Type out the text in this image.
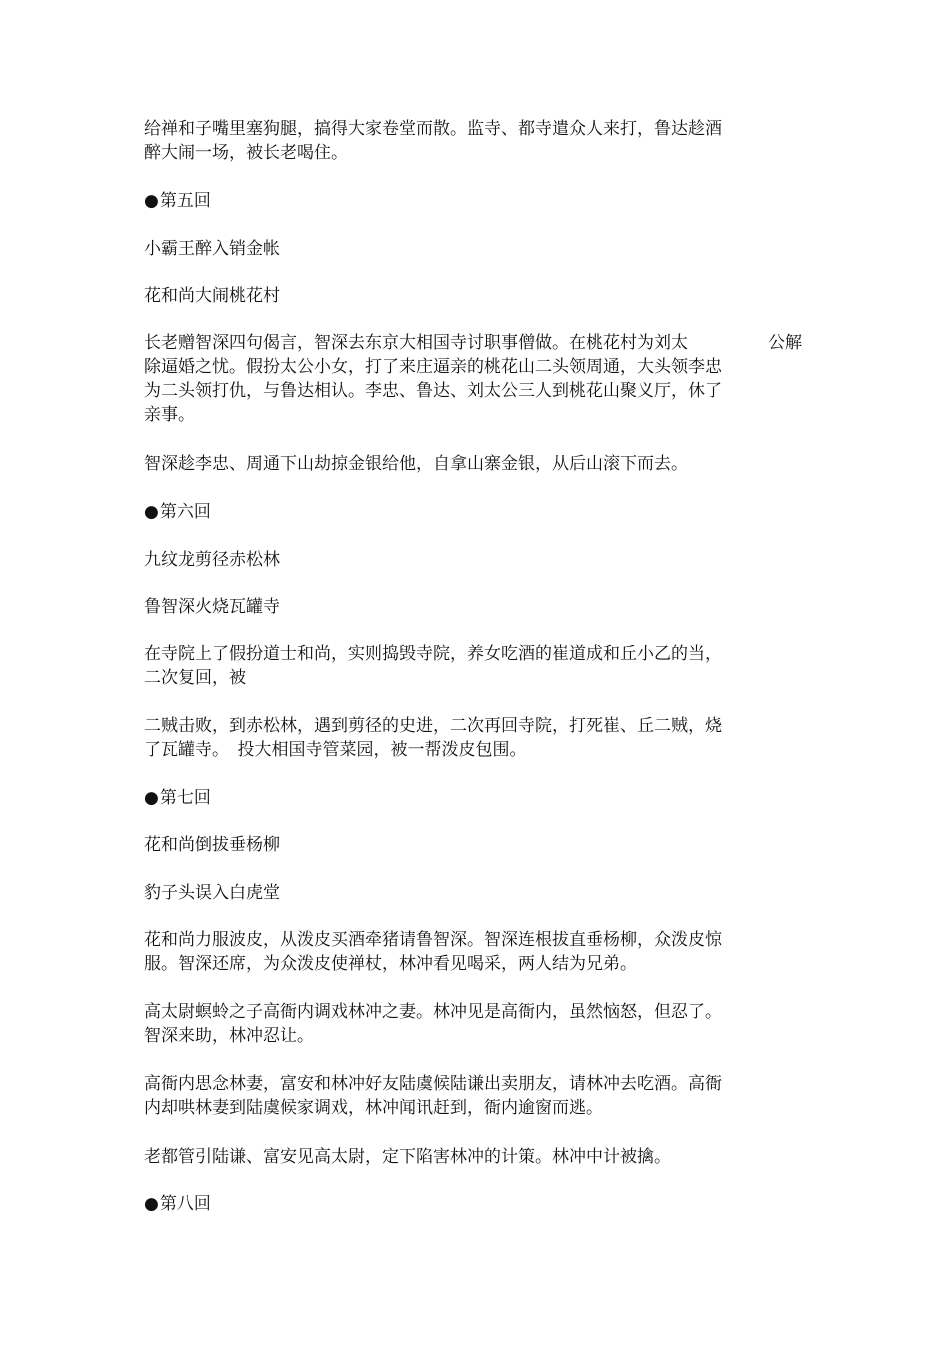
给禅和子嘴里塞狗腿，搞得大家卷堂而散。监寺、都寺遣众人来打，鲁达趁酒
醉大闹一场，被长老喝住。
●第五回
小霸王醉入销金帐
花和尚大闹桃花村
长老赠智深四句偈言，智深去东京大相国寺讨职事僧做。在桃花村为刘太
除逼婚之忧。假扮太公小女，打了来庄逼亲的桃花山二头领周通，大头领李忠
为二头领打仇，与鲁达相认。李忠、鲁达、刘太公三人到桃花山聚义厅，休了
亲事。
公解
智深趁李忠、周通下山劫掠金银给他，自拿山寨金银，从后山滚下而去。
●第六回
九纹龙剪径赤松林
鲁智深火烧瓦罐寺
在寺院上了假扮道士和尚，实则捣毁寺院，养女吃酒的崔道成和丘小乙的当，
二次复回，被
二贼击败，到赤松林，遇到剪径的史进，二次再回寺院，打死崔、丘二贼，烧
了瓦罐寺。　投大相国寺管菜园，被一帮泼皮包围。
●第七回
花和尚倒拔垂杨柳
豹子头误入白虎堂
花和尚力服波皮，从泼皮买酒牵猪请鲁智深。智深连根拔直垂杨柳，众泼皮惊
服。智深还席，为众泼皮使禅杖，林冲看见喝采，两人结为兄弟。
高太尉螟蛉之子高衙内调戏林冲之妻。林冲见是高衙内，虽然恼怒，但忍了。
智深来助，林冲忍让。
高衙内思念林妻，富安和林冲好友陆虞候陆谦出卖朋友，请林冲去吃酒。高衙
内却哄林妻到陆虞候家调戏，林冲闻讯赶到，衙内逾窗而逃。
老都管引陆谦、富安见高太尉，定下陷害林冲的计策。林冲中计被擒。
●第八回
